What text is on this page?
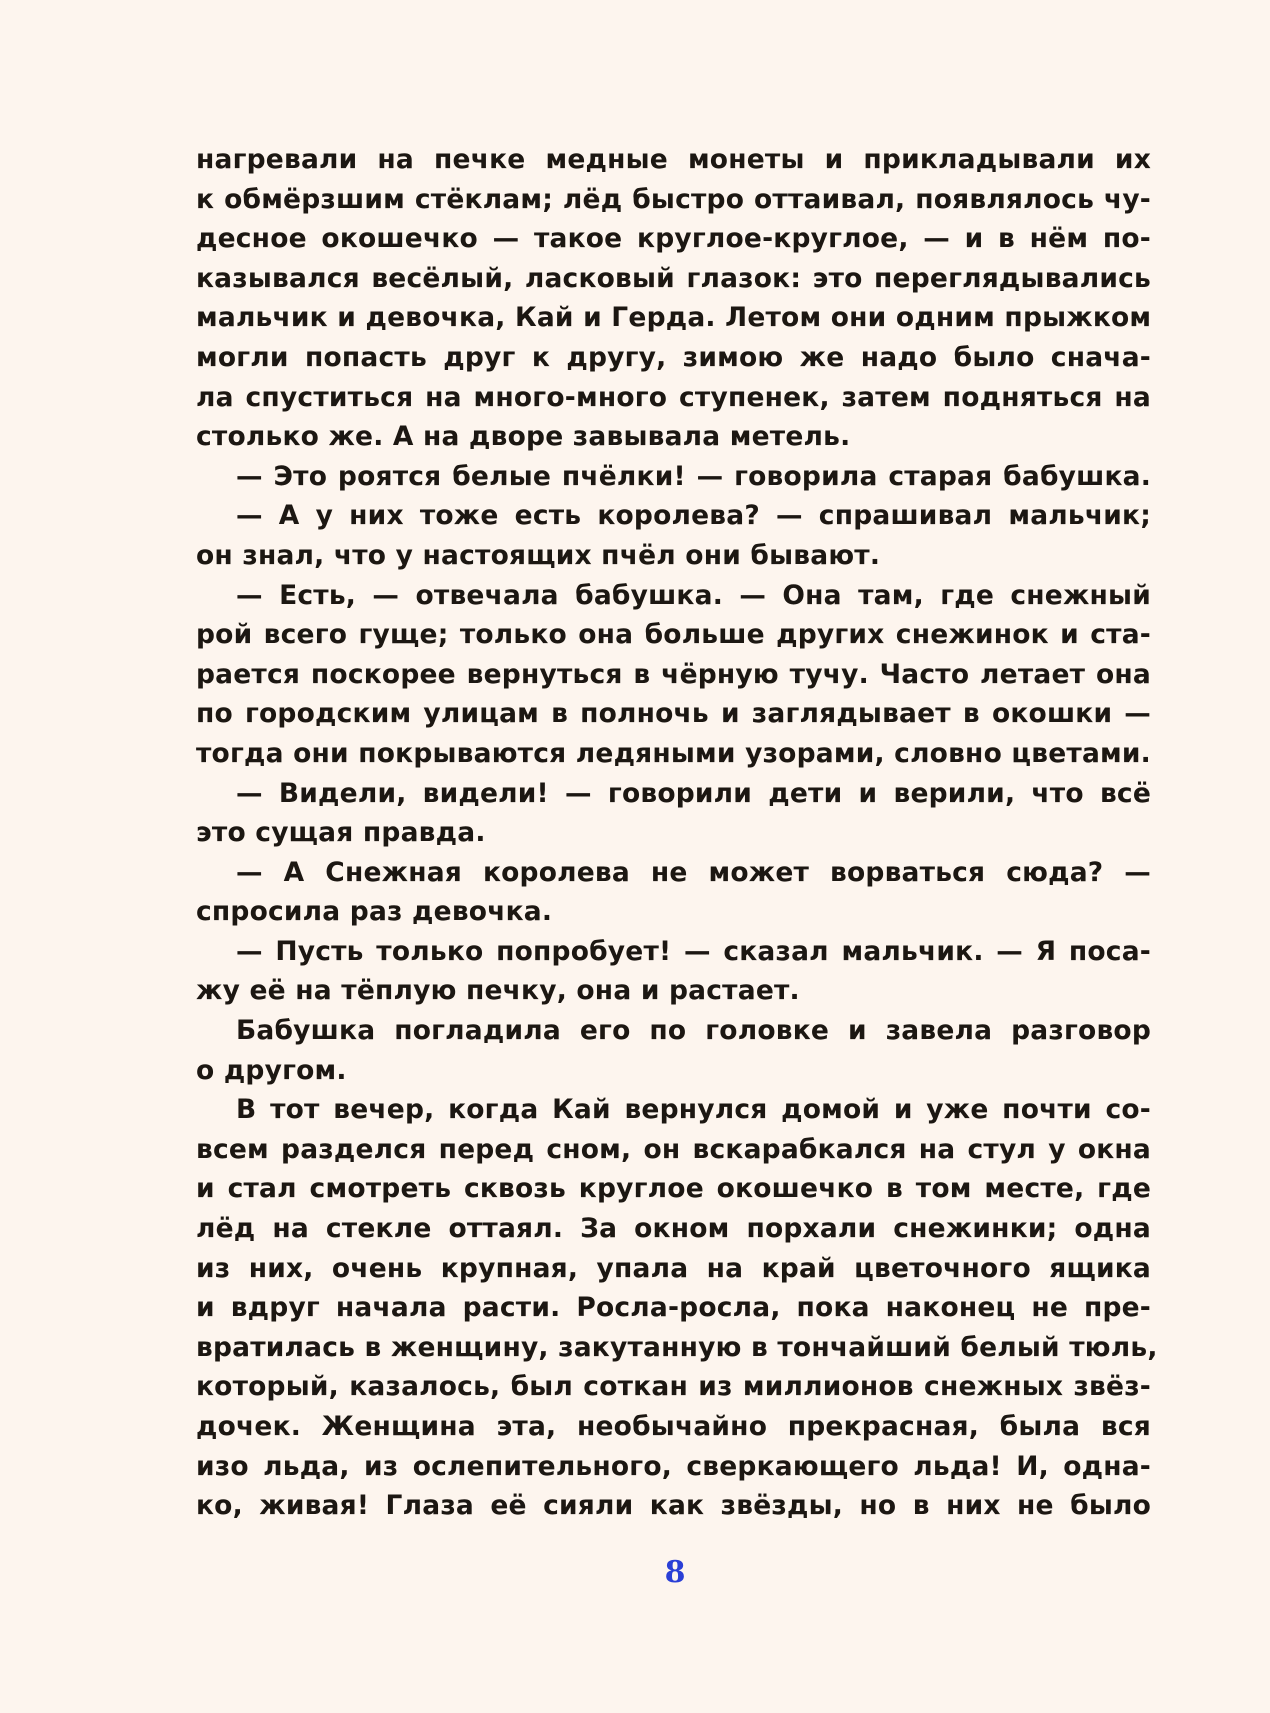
нагревали на печке медные монеты и прикладывали их
к обмёрзшим стёклам; лёд быстро оттаивал, появлялось чу-
десное окошечко — такое круглое-круглое, — и в нём по-
казывался весёлый, ласковый глазок: это переглядывались
мальчик и девочка, Кай и Герда. Летом они одним прыжком
могли попасть друг к другу, зимою же надо было снача-
ла спуститься на много-много ступенек, затем подняться на
столько же. А на дворе завывала метель.
— Это роятся белые пчёлки! — говорила старая бабушка.
— А у них тоже есть королева? — спрашивал мальчик;
он знал, что у настоящих пчёл они бывают.
— Есть, — отвечала бабушка. — Она там, где снежный
рой всего гуще; только она больше других снежинок и ста-
рается поскорее вернуться в чёрную тучу. Часто летает она
по городским улицам в полночь и заглядывает в окошки —
тогда они покрываются ледяными узорами, словно цветами.
— Видели, видели! — говорили дети и верили, что всё
это сущая правда.
— А Снежная королева не может ворваться сюда? —
спросила раз девочка.
— Пусть только попробует! — сказал мальчик. — Я поса-
жу её на тёплую печку, она и растает.
Бабушка погладила его по головке и завела разговор
о другом.
В тот вечер, когда Кай вернулся домой и уже почти со-
всем разделся перед сном, он вскарабкался на стул у окна
и стал смотреть сквозь круглое окошечко в том месте, где
лёд на стекле оттаял. За окном порхали снежинки; одна
из них, очень крупная, упала на край цветочного ящика
и вдруг начала расти. Росла-росла, пока наконец не пре-
вратилась в женщину, закутанную в тончайший белый тюль,
который, казалось, был соткан из миллионов снежных звёз-
дочек. Женщина эта, необычайно прекрасная, была вся
изо льда, из ослепительного, сверкающего льда! И, одна-
ко, живая! Глаза её сияли как звёзды, но в них не было
8
